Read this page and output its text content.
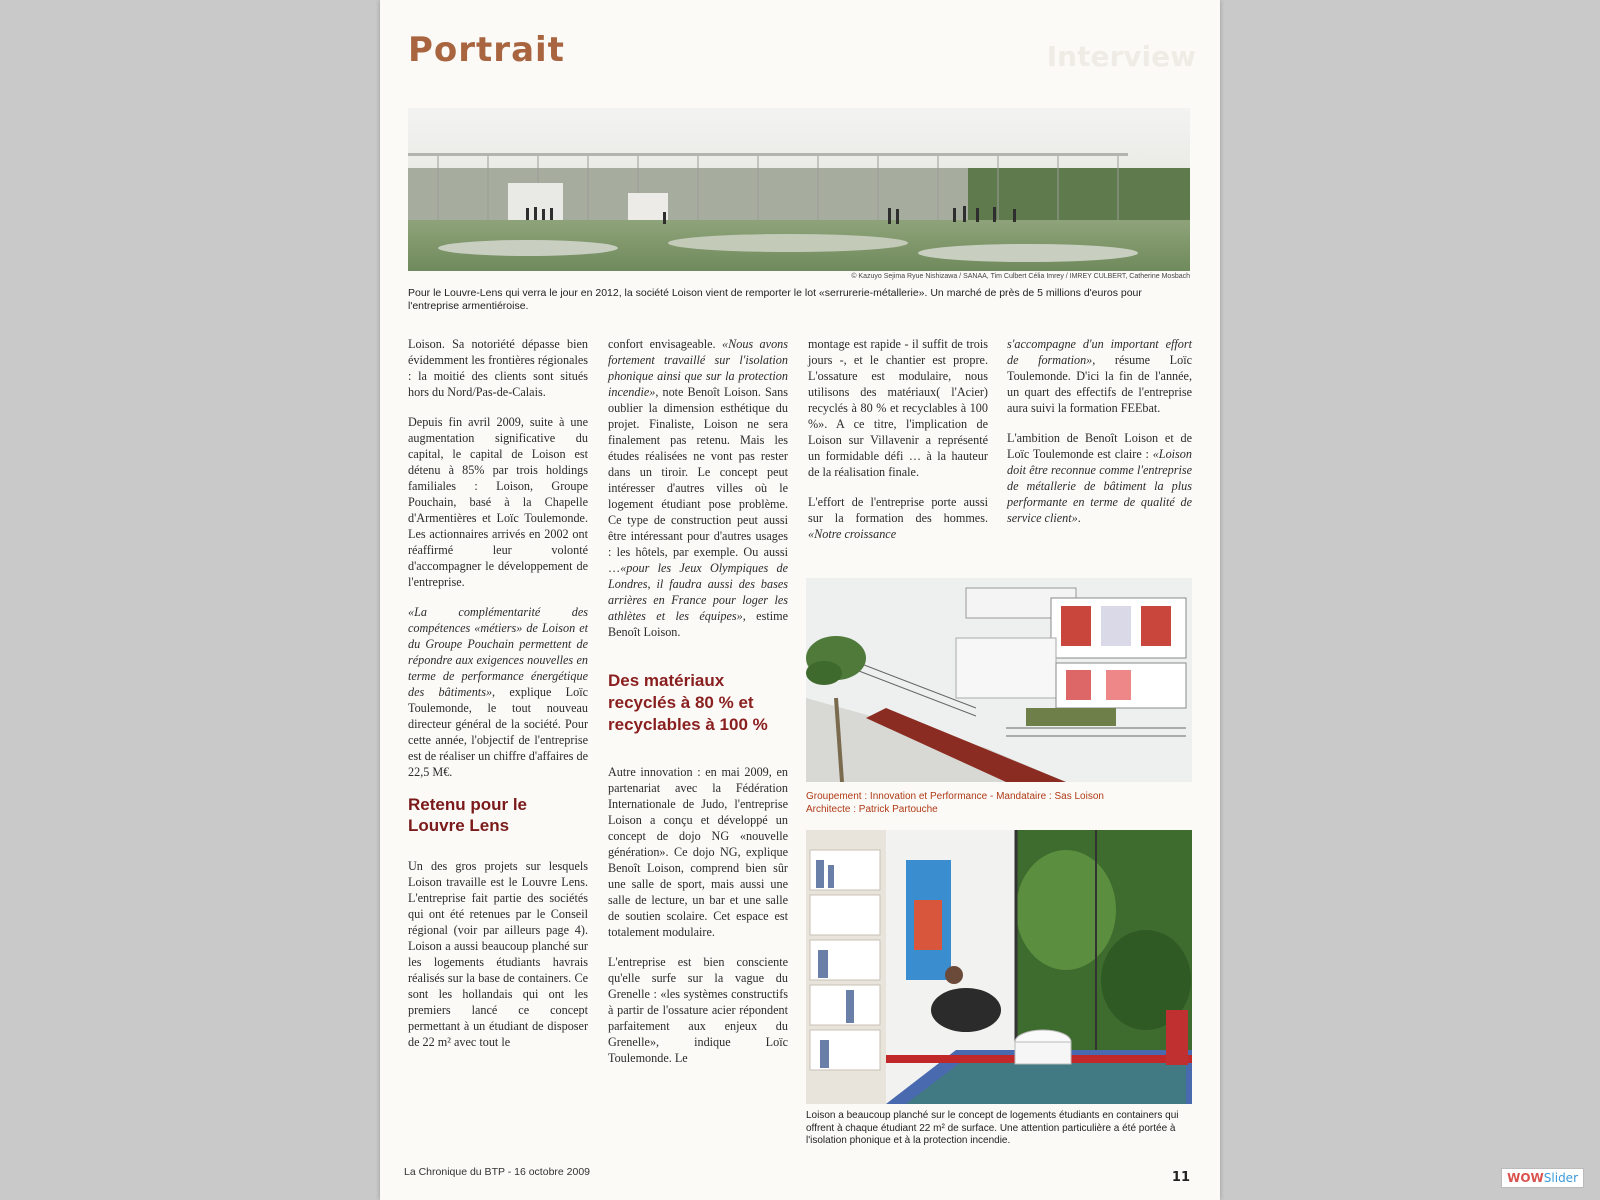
Interview
Portrait
© Kazuyo Sejima Ryue Nishizawa / SANAA, Tim Culbert Célia Imrey / IMREY CULBERT, Catherine Mosbach
Pour le Louvre-Lens qui verra le jour en 2012, la société Loison vient de remporter le lot «serrurerie-métallerie». Un marché de près de 5 millions d'euros pour l'entreprise armentiéroise.

Loison. Sa notoriété dépasse bien évidemment les frontières régionales : la moitié des clients sont situés hors du Nord/Pas-de-Calais.

Depuis fin avril 2009, suite à une augmentation significative du capital, le capital de Loison est détenu à 85% par trois holdings familiales : Loison, Groupe Pouchain, basé à la Chapelle d'Armentières et Loïc Toulemonde. Les actionnaires arrivés en 2002 ont réaffirmé leur volonté d'accompagner le développement de l'entreprise.

«La complémentarité des compétences «métiers» de Loison et du Groupe Pouchain permettent de répondre aux exigences nouvelles en terme de performance énergétique des bâtiments», explique Loïc Toulemonde, le tout nouveau directeur général de la société. Pour cette année, l'objectif de l'entreprise est de réaliser un chiffre d'affaires de 22,5 M€.

Retenu pour le Louvre Lens

Un des gros projets sur lesquels Loison travaille est le Louvre Lens. L'entreprise fait partie des sociétés qui ont été retenues par le Conseil régional (voir par ailleurs page 4). Loison a aussi beaucoup planché sur les logements étudiants havrais réalisés sur la base de containers. Ce sont les hollandais qui ont les premiers lancé ce concept permettant à un étudiant de disposer de 22 m² avec tout le

confort envisageable. «Nous avons fortement travaillé sur l'isolation phonique ainsi que sur la protection incendie», note Benoît Loison. Sans oublier la dimension esthétique du projet. Finaliste, Loison ne sera finalement pas retenu. Mais les études réalisées ne vont pas rester dans un tiroir. Le concept peut intéresser d'autres villes où le logement étudiant pose problème. Ce type de construction peut aussi être intéressant pour d'autres usages : les hôtels, par exemple. Ou aussi …«pour les Jeux Olympiques de Londres, il faudra aussi des bases arrières en France pour loger les athlètes et les équipes», estime Benoît Loison.

Des matériaux recyclés à 80 % et recyclables à 100 %

Autre innovation : en mai 2009, en partenariat avec la Fédération Internationale de Judo, l'entreprise Loison a conçu et développé un concept de dojo NG «nouvelle génération». Ce dojo NG, explique Benoît Loison, comprend bien sûr une salle de sport, mais aussi une salle de lecture, un bar et une salle de soutien scolaire. Cet espace est totalement modulaire.

L'entreprise est bien consciente qu'elle surfe sur la vague du Grenelle : «les systèmes constructifs à partir de l'ossature acier répondent parfaitement aux enjeux du Grenelle», indique Loïc Toulemonde. Le

montage est rapide - il suffit de trois jours -, et le chantier est propre. L'ossature est modulaire, nous utilisons des matériaux( l'Acier) recyclés à 80 % et recyclables à 100 %». A ce titre, l'implication de Loison sur Villavenir a représenté un formidable défi … à la hauteur de la réalisation finale.

L'effort de l'entreprise porte aussi sur la formation des hommes. «Notre croissance

s'accompagne d'un important effort de formation», résume Loïc Toulemonde. D'ici la fin de l'année, un quart des effectifs de l'entreprise aura suivi la formation FEEbat.

L'ambition de Benoît Loison et de Loïc Toulemonde est claire : «Loison doit être reconnue comme l'entreprise de métallerie de bâtiment la plus performante en terme de qualité de service client».

Groupement : Innovation et Performance - Mandataire : Sas Loison
Architecte : Patrick Partouche
Loison a beaucoup planché sur le concept de logements étudiants en containers qui offrent à chaque étudiant 22 m² de surface. Une attention particulière a été portée à l'isolation phonique et à la protection incendie.
La Chronique du BTP - 16 octobre 2009	11	WOWSlider
